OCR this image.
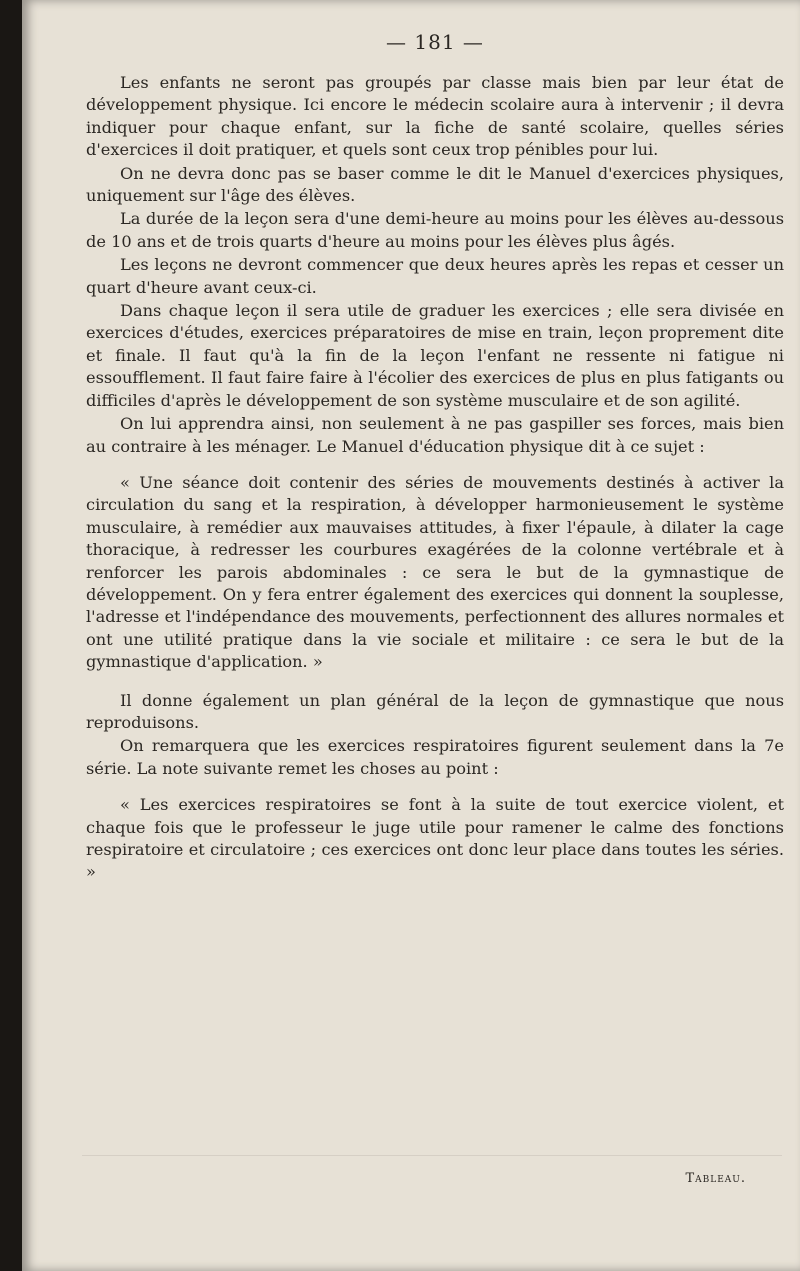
— 181 —

Les enfants ne seront pas groupés par classe mais bien par leur état de développement physique. Ici encore le médecin scolaire aura à intervenir ; il devra indiquer pour chaque enfant, sur la fiche de santé scolaire, quelles séries d'exercices il doit pratiquer, et quels sont ceux trop pénibles pour lui.

On ne devra donc pas se baser comme le dit le Manuel d'exercices physiques, uniquement sur l'âge des élèves.

La durée de la leçon sera d'une demi-heure au moins pour les élèves au-dessous de 10 ans et de trois quarts d'heure au moins pour les élèves plus âgés.

Les leçons ne devront commencer que deux heures après les repas et cesser un quart d'heure avant ceux-ci.

Dans chaque leçon il sera utile de graduer les exercices ; elle sera divisée en exercices d'études, exercices préparatoires de mise en train, leçon proprement dite et finale. Il faut qu'à la fin de la leçon l'enfant ne ressente ni fatigue ni essoufflement. Il faut faire faire à l'écolier des exercices de plus en plus fatigants ou difficiles d'après le développement de son système musculaire et de son agilité.

On lui apprendra ainsi, non seulement à ne pas gaspiller ses forces, mais bien au contraire à les ménager. Le Manuel d'éducation physique dit à ce sujet :

« Une séance doit contenir des séries de mouvements destinés à activer la circulation du sang et la respiration, à développer harmonieusement le système musculaire, à remédier aux mauvaises attitudes, à fixer l'épaule, à dilater la cage thoracique, à redresser les courbures exagérées de la colonne vertébrale et à renforcer les parois abdominales : ce sera le but de la gymnastique de développement. On y fera entrer également des exercices qui donnent la souplesse, l'adresse et l'indépendance des mouvements, perfectionnent des allures normales et ont une utilité pratique dans la vie sociale et militaire : ce sera le but de la gymnastique d'application. »

Il donne également un plan général de la leçon de gymnastique que nous reproduisons.

On remarquera que les exercices respiratoires figurent seulement dans la 7e série. La note suivante remet les choses au point :

« Les exercices respiratoires se font à la suite de tout exercice violent, et chaque fois que le professeur le juge utile pour ramener le calme des fonctions respiratoire et circulatoire ; ces exercices ont donc leur place dans toutes les séries. »

Tableau.
